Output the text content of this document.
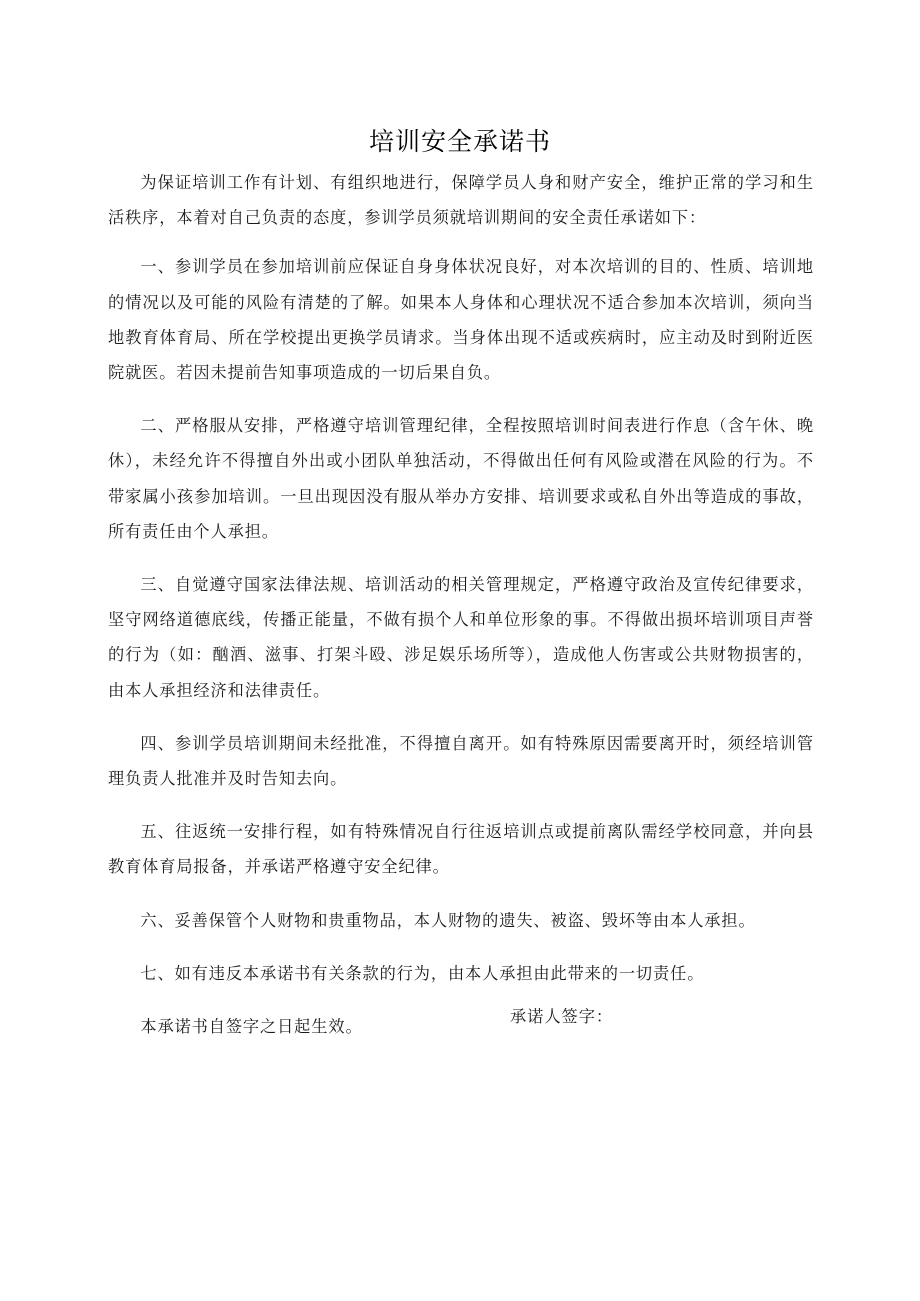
培训安全承诺书

为保证培训工作有计划、有组织地进行，保障学员人身和财产安全，维护正常的学习和生活秩序，本着对自己负责的态度，参训学员须就培训期间的安全责任承诺如下：

一、参训学员在参加培训前应保证自身身体状况良好，对本次培训的目的、性质、培训地的情况以及可能的风险有清楚的了解。如果本人身体和心理状况不适合参加本次培训，须向当地教育体育局、所在学校提出更换学员请求。当身体出现不适或疾病时，应主动及时到附近医院就医。若因未提前告知事项造成的一切后果自负。

二、严格服从安排，严格遵守培训管理纪律，全程按照培训时间表进行作息（含午休、晚休），未经允许不得擅自外出或小团队单独活动，不得做出任何有风险或潜在风险的行为。不带家属小孩参加培训。一旦出现因没有服从举办方安排、培训要求或私自外出等造成的事故，所有责任由个人承担。

三、自觉遵守国家法律法规、培训活动的相关管理规定，严格遵守政治及宣传纪律要求，坚守网络道德底线，传播正能量，不做有损个人和单位形象的事。不得做出损坏培训项目声誉的行为（如：酗酒、滋事、打架斗殴、涉足娱乐场所等），造成他人伤害或公共财物损害的，由本人承担经济和法律责任。

四、参训学员培训期间未经批准，不得擅自离开。如有特殊原因需要离开时，须经培训管理负责人批准并及时告知去向。

五、往返统一安排行程，如有特殊情况自行往返培训点或提前离队需经学校同意，并向县教育体育局报备，并承诺严格遵守安全纪律。

六、妥善保管个人财物和贵重物品，本人财物的遗失、被盗、毁坏等由本人承担。

七、如有违反本承诺书有关条款的行为，由本人承担由此带来的一切责任。

本承诺书自签字之日起生效。

承诺人签字：
